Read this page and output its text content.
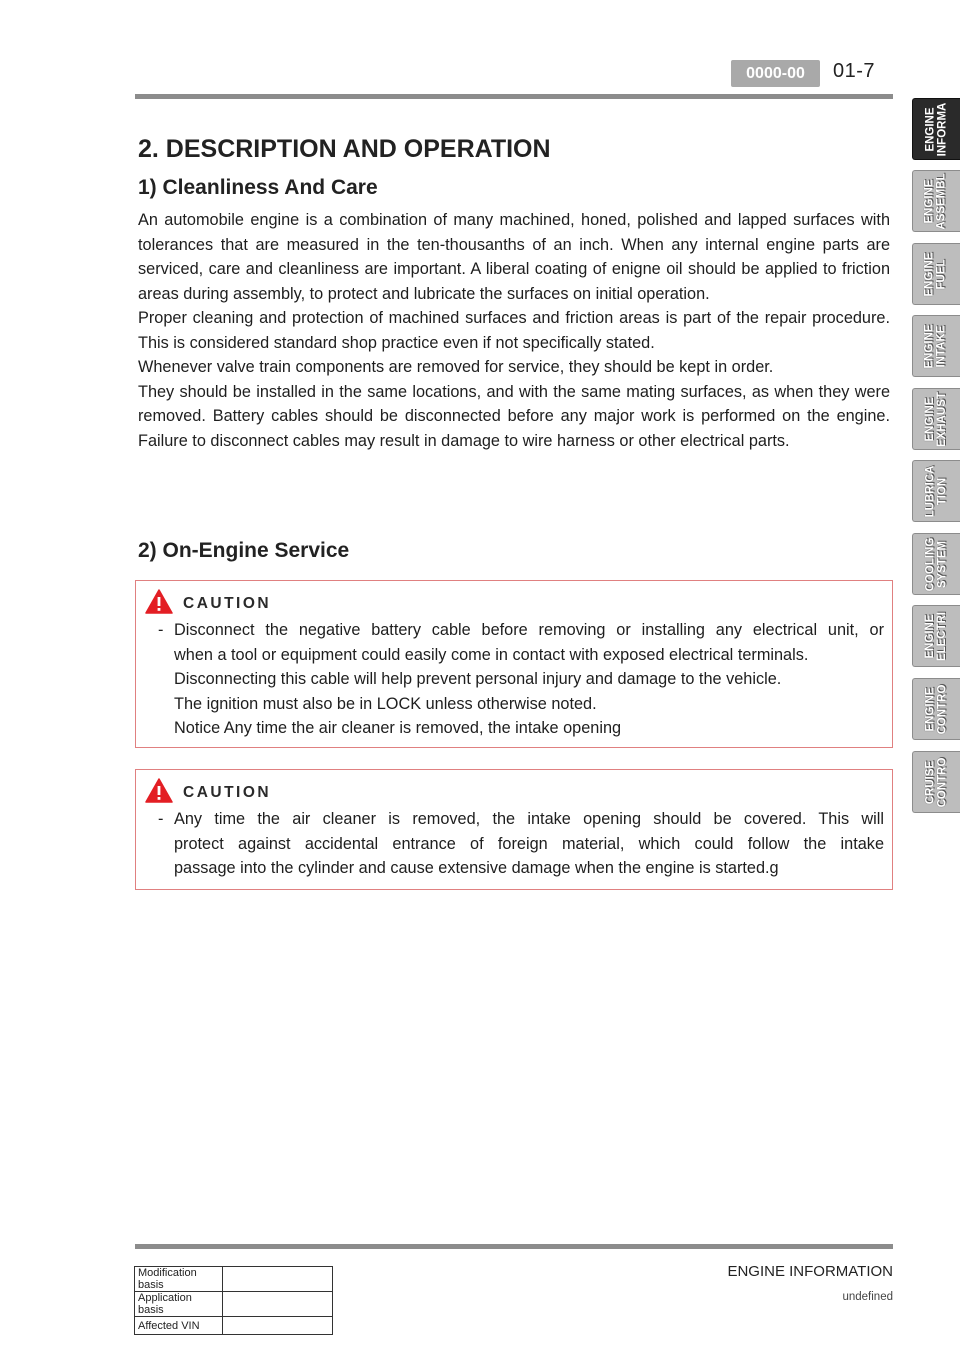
0000-00	01-7
ENGINE
INFORMA
ENGINE
ASSEMBL
ENGINE
FUEL
ENGINE
INTAKE
ENGINE
EXHAUST
LUBRICA
TION
COOLING
SYSTEM
ENGINE
ELECTRI
ENGINE
CONTRO
CRUISE
CONTRO
2. DESCRIPTION AND OPERATION
1) Cleanliness And Care

An automobile engine is a combination of many machined, honed, polished and lapped surfaces with tolerances that are measured in the ten-thousanths of an inch. When any internal engine parts are serviced, care and cleanliness are important. A liberal coating of enigne oil should be applied to friction areas during assembly, to protect and lubricate the surfaces on initial operation.

Proper cleaning and protection of machined surfaces and friction areas is part of the repair procedure. This is considered standard shop practice even if not specifically stated.

Whenever valve train components are removed for service, they should be kept in order.

They should be installed in the same locations, and with the same mating surfaces, as when they were removed. Battery cables should be disconnected before any major work is performed on the engine. Failure to disconnect cables may result in damage to wire harness or other electrical parts.

2) On-Engine Service
CAUTION
- Disconnect the negative battery cable before removing or installing any electrical unit, or
when a tool or equipment could easily come in contact with exposed electrical terminals.
Disconnecting this cable will help prevent personal injury and damage to the vehicle.
The ignition must also be in LOCK unless otherwise noted.
Notice Any time the air cleaner is removed, the intake opening
CAUTION
- Any time the air cleaner is removed, the intake opening should be covered. This will
protect against accidental entrance of foreign material, which could follow the intake
passage into the cylinder and cause extensive damage when the engine is started.g
ENGINE INFORMATION
undefined
Modification basis	
Application basis	
Affected VIN	
